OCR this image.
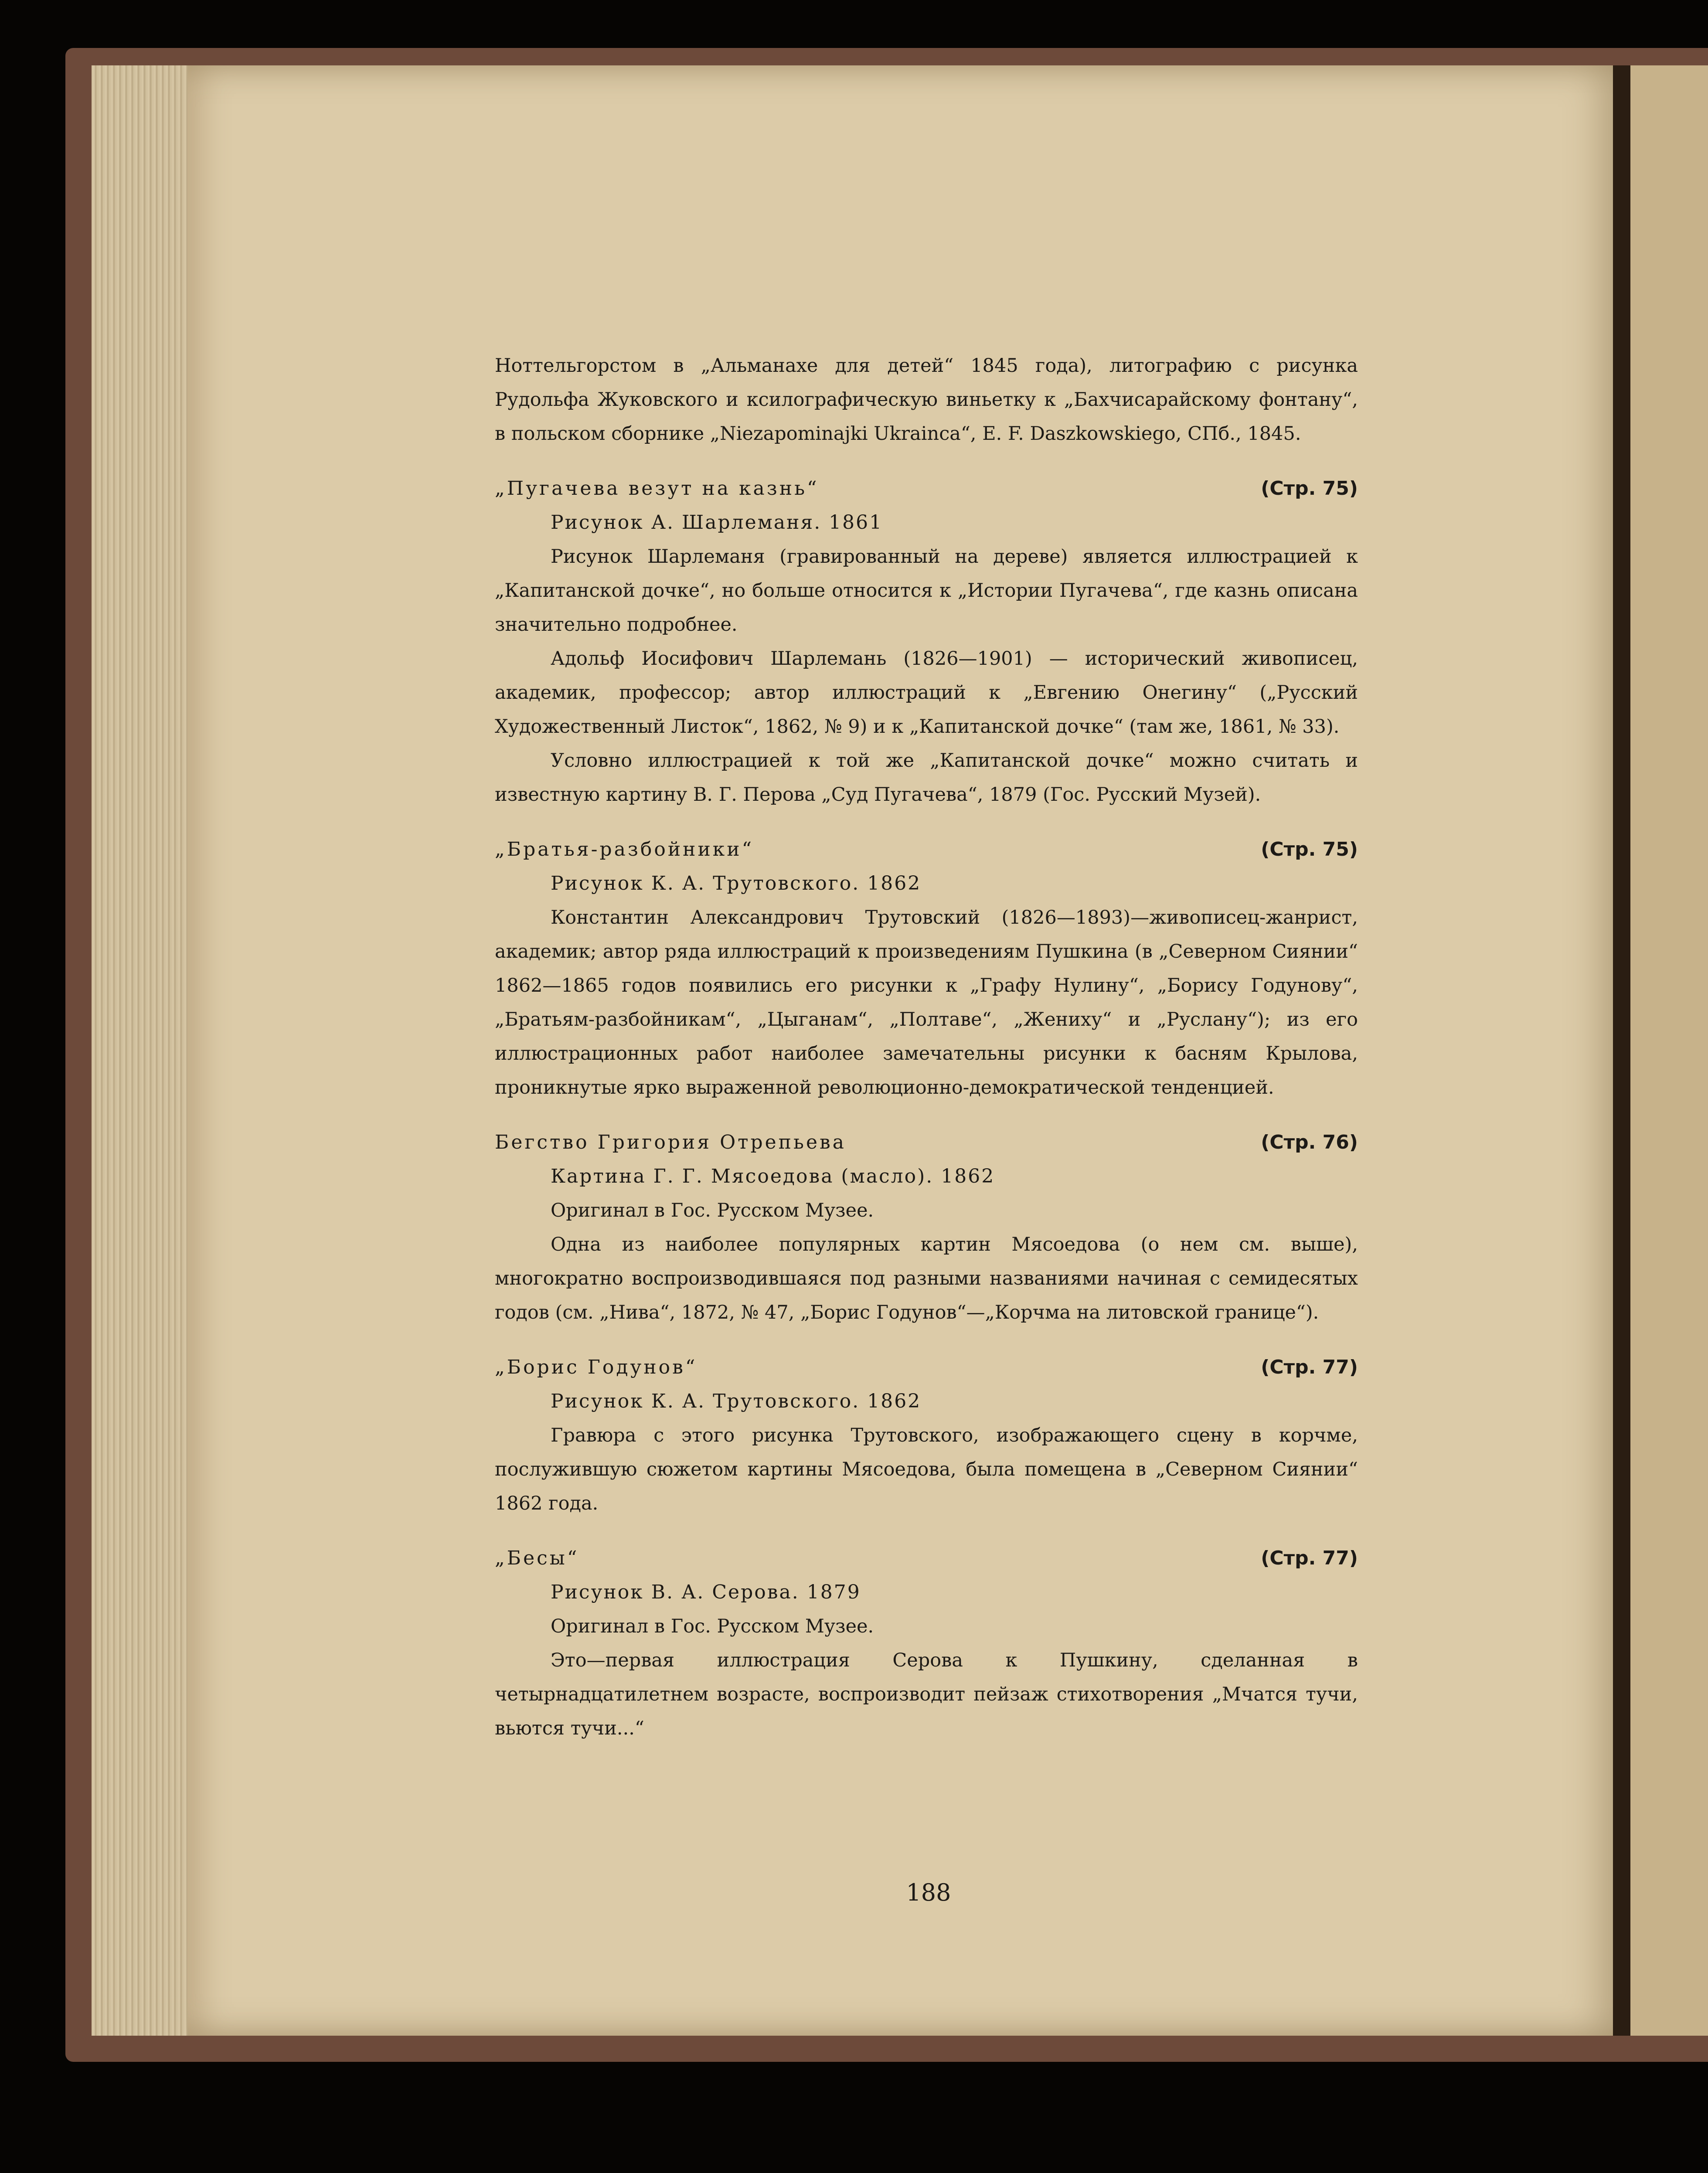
Ноттельгорстом в „Альманахе для детей“ 1845 года), литографию с рисунка Рудольфа Жуковского и ксилографическую виньетку к „Бахчисарайскому фонтану“, в польском сборнике „Niezapominajki Ukrainca“, E. F. Daszkowskiego, СПб., 1845.

„Пугачева везут на казнь“	(Стр. 75)
Рисунок А. Шарлеманя. 1861

Рисунок Шарлеманя (гравированный на дереве) является иллюстрацией к „Капитанской дочке“, но больше относится к „Истории Пугачева“, где казнь описана значительно подробнее.

Адольф Иосифович Шарлемань (1826—1901) — исторический живописец, академик, профессор; автор иллюстраций к „Евгению Онегину“ („Русский Художественный Листок“, 1862, № 9) и к „Капитанской дочке“ (там же, 1861, № 33).

Условно иллюстрацией к той же „Капитанской дочке“ можно считать и известную картину В. Г. Перова „Суд Пугачева“, 1879 (Гос. Русский Музей).

„Братья-разбойники“	(Стр. 75)
Рисунок К. А. Трутовского. 1862

Константин Александрович Трутовский (1826—1893)—живописец-жанрист, академик; автор ряда иллюстраций к произведениям Пушкина (в „Северном Сиянии“ 1862—1865 годов появились его рисунки к „Графу Нулину“, „Борису Годунову“, „Братьям-разбойникам“, „Цыганам“, „Полтаве“, „Жениху“ и „Руслану“); из его иллюстрационных работ наиболее замечательны рисунки к басням Крылова, проникнутые ярко выраженной революционно-демократической тенденцией.

Бегство Григория Отрепьева	(Стр. 76)
Картина Г. Г. Мясоедова (масло). 1862

Оригинал в Гос. Русском Музее.

Одна из наиболее популярных картин Мясоедова (о нем см. выше), многократно воспроизводившаяся под разными названиями начиная с семидесятых годов (см. „Нива“, 1872, № 47, „Борис Годунов“—„Корчма на литовской границе“).

„Борис Годунов“	(Стр. 77)
Рисунок К. А. Трутовского. 1862

Гравюра с этого рисунка Трутовского, изображающего сцену в корчме, послужившую сюжетом картины Мясоедова, была помещена в „Северном Сиянии“ 1862 года.

„Бесы“	(Стр. 77)
Рисунок В. А. Серова. 1879

Оригинал в Гос. Русском Музее.

Это—первая иллюстрация Серова к Пушкину, сделанная в четырнадцатилетнем возрасте, воспроизводит пейзаж стихотворения „Мчатся тучи, вьются тучи...“

188
